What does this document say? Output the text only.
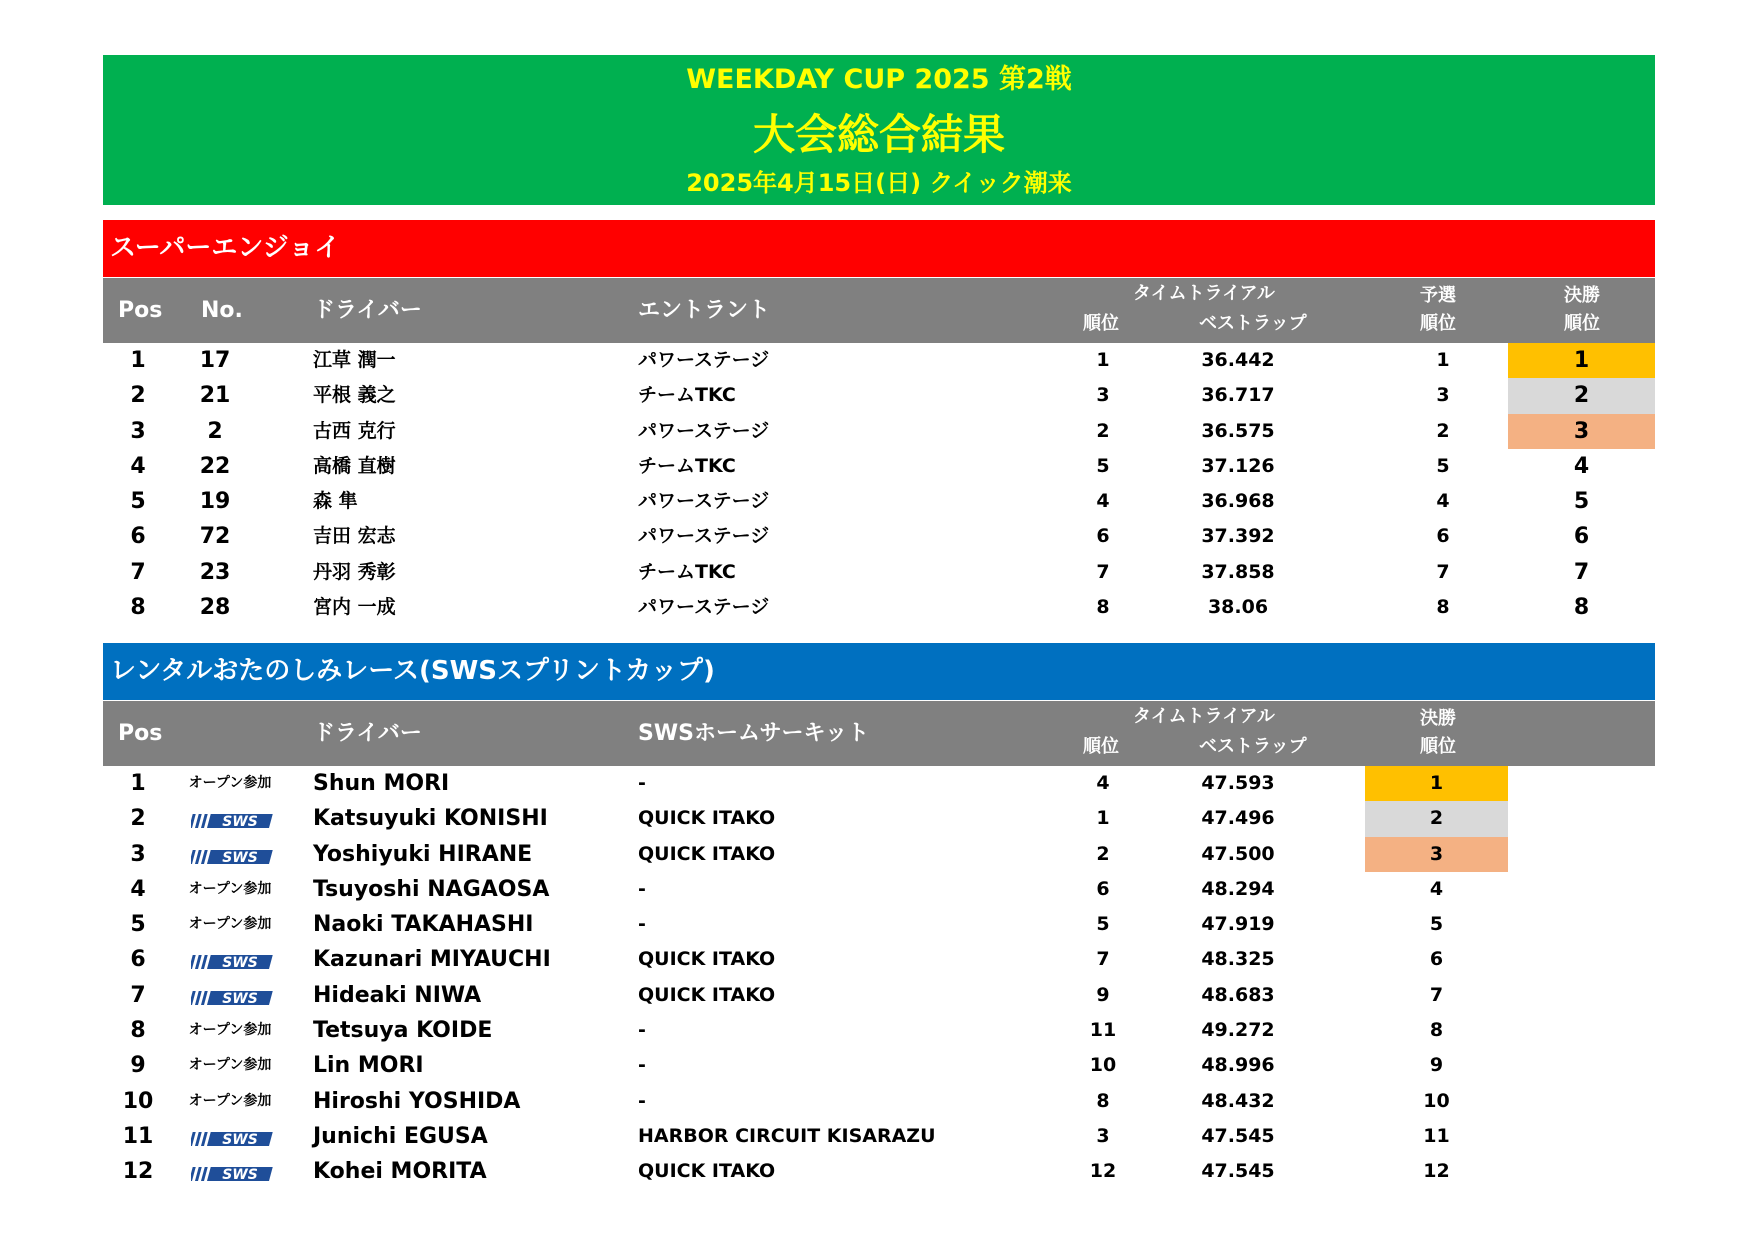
WEEKDAY CUP 2025 第2戦
大会総合結果
2025年4月15日(日) クイック潮来
スーパーエンジョイ
Pos No.	ドライバー	エントラント
タイムトライアル
順位	ベストラップ
予選
順位
決勝
順位
1	17	江草 潤一	パワーステージ	1	36.442	1	1
2	21	平根 義之	チームTKC	3	36.717	3	2
3	2	古西 克行	パワーステージ	2	36.575	2	3
4	22	高橋 直樹	チームTKC	5	37.126	5	4
5	19	森 隼	パワーステージ	4	36.968	4	5
6	72	吉田 宏志	パワーステージ	6	37.392	6	6
7	23	丹羽 秀彰	チームTKC	7	37.858	7	7
8	28	宮内 一成	パワーステージ	8	38.06	8	8
レンタルおたのしみレース(SWSスプリントカップ)
Pos	ドライバー	SWSホームサーキット
タイムトライアル
順位	ベストラップ
決勝
順位
1	オープン参加	Shun MORI	-	4	47.593	1
2	SWS	Katsuyuki KONISHI	QUICK ITAKO	1	47.496	2
3	SWS	Yoshiyuki HIRANE	QUICK ITAKO	2	47.500	3
4	オープン参加	Tsuyoshi NAGAOSA	-	6	48.294	4
5	オープン参加	Naoki TAKAHASHI	-	5	47.919	5
6	SWS	Kazunari MIYAUCHI	QUICK ITAKO	7	48.325	6
7	SWS	Hideaki NIWA	QUICK ITAKO	9	48.683	7
8	オープン参加	Tetsuya KOIDE	-	11	49.272	8
9	オープン参加	Lin MORI	-	10	48.996	9
10	オープン参加	Hiroshi YOSHIDA	-	8	48.432	10
11	SWS	Junichi EGUSA	HARBOR CIRCUIT KISARAZU	3	47.545	11
12	SWS	Kohei MORITA	QUICK ITAKO	12	47.545	12
